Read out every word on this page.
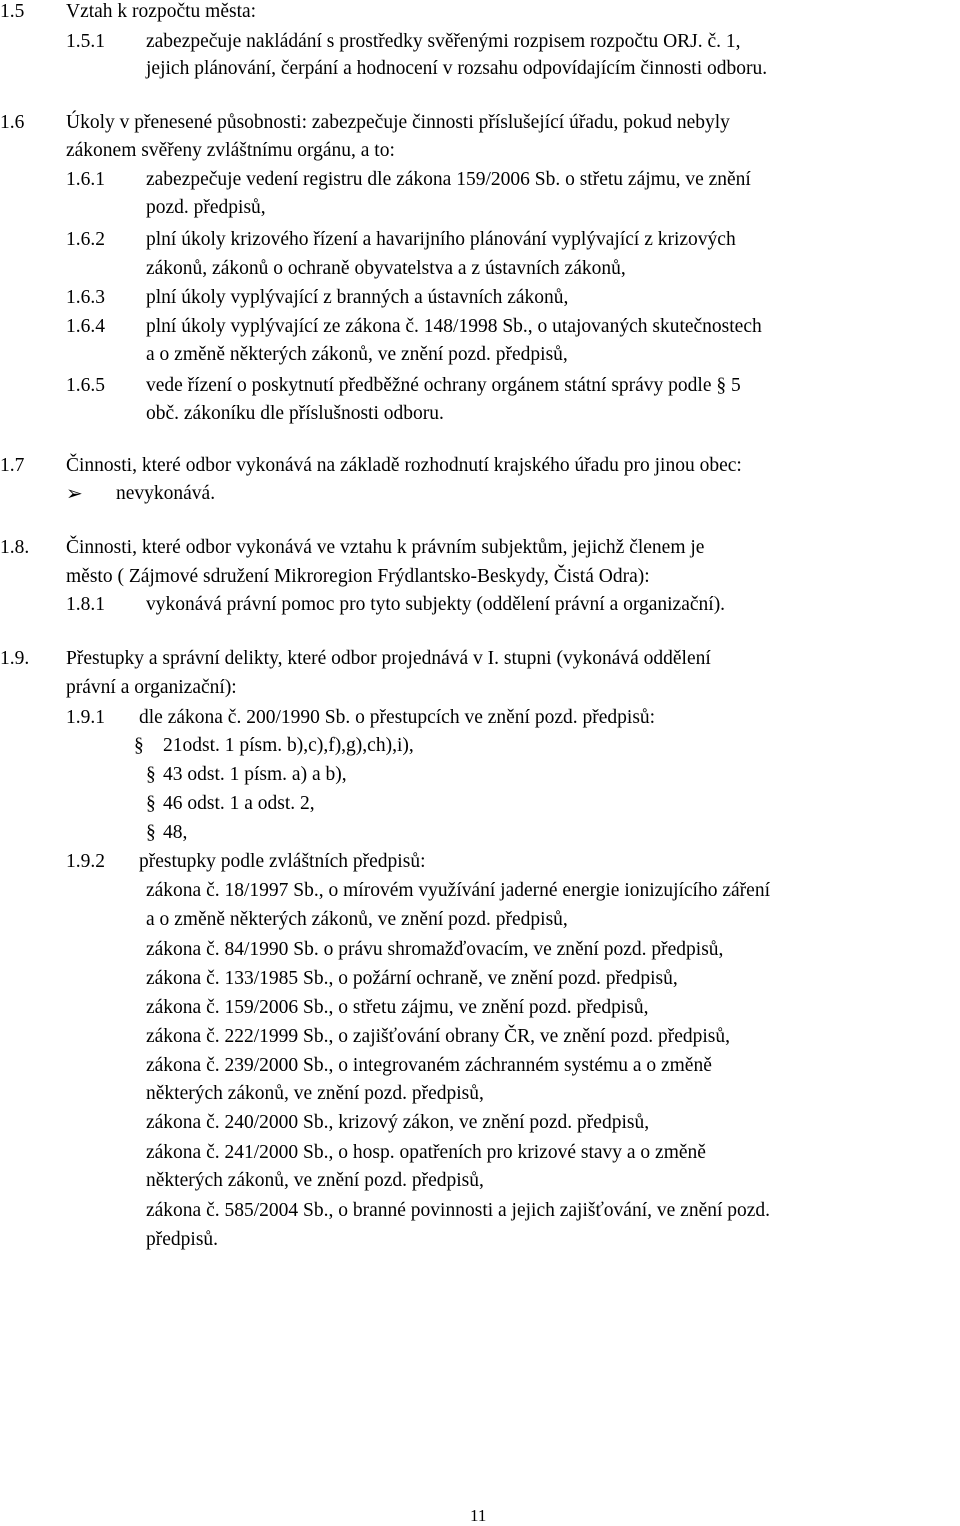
1.5 Vztah k rozpočtu města:
1.5.1 zabezpečuje nakládání s prostředky svěřenými rozpisem rozpočtu ORJ. č. 1,
jejich plánování, čerpání a hodnocení v rozsahu odpovídajícím činnosti odboru.
1.6 Úkoly v přenesené působnosti: zabezpečuje činnosti příslušející úřadu, pokud nebyly
zákonem svěřeny zvláštnímu orgánu, a to:
1.6.1 zabezpečuje vedení registru dle zákona 159/2006 Sb. o střetu zájmu, ve znění
pozd. předpisů,
1.6.2 plní úkoly krizového řízení a havarijního plánování vyplývající z krizových
zákonů, zákonů o ochraně obyvatelstva a z ústavních zákonů,
1.6.3 plní úkoly vyplývající z branných a ústavních zákonů,
1.6.4 plní úkoly vyplývající ze zákona č. 148/1998 Sb., o utajovaných skutečnostech
a o změně některých zákonů, ve znění pozd. předpisů,
1.6.5 vede řízení o poskytnutí předběžné ochrany orgánem státní správy podle § 5
obč. zákoníku dle příslušnosti odboru.
1.7 Činnosti, které odbor vykonává na základě rozhodnutí krajského úřadu pro jinou obec:
➢ nevykonává.
1.8. Činnosti, které odbor vykonává ve vztahu k právním subjektům, jejichž členem je
město ( Zájmové sdružení Mikroregion Frýdlantsko-Beskydy, Čistá Odra):
1.8.1 vykonává právní pomoc pro tyto subjekty (oddělení právní a organizační).
1.9. Přestupky a správní delikty, které odbor projednává v I. stupni (vykonává oddělení
právní a organizační):
1.9.1 dle zákona č. 200/1990 Sb. o přestupcích ve znění pozd. předpisů:
§ 21odst. 1 písm. b),c),f),g),ch),i),
§ 43 odst. 1 písm. a) a b),
§ 46 odst. 1 a odst. 2,
§ 48,
1.9.2 přestupky podle zvláštních předpisů:
zákona č. 18/1997 Sb., o mírovém využívání jaderné energie ionizujícího záření
a o změně některých zákonů, ve znění pozd. předpisů,
zákona č. 84/1990 Sb. o právu shromažďovacím, ve znění pozd. předpisů,
zákona č. 133/1985 Sb., o požární ochraně, ve znění pozd. předpisů,
zákona č. 159/2006 Sb., o střetu zájmu, ve znění pozd. předpisů,
zákona č. 222/1999 Sb., o zajišťování obrany ČR, ve znění pozd. předpisů,
zákona č. 239/2000 Sb., o integrovaném záchranném systému a o změně
některých zákonů, ve znění pozd. předpisů,
zákona č. 240/2000 Sb., krizový zákon, ve znění pozd. předpisů,
zákona č. 241/2000 Sb., o hosp. opatřeních pro krizové stavy a o změně
některých zákonů, ve znění pozd. předpisů,
zákona č. 585/2004 Sb., o branné povinnosti a jejich zajišťování, ve znění pozd.
předpisů.
11
